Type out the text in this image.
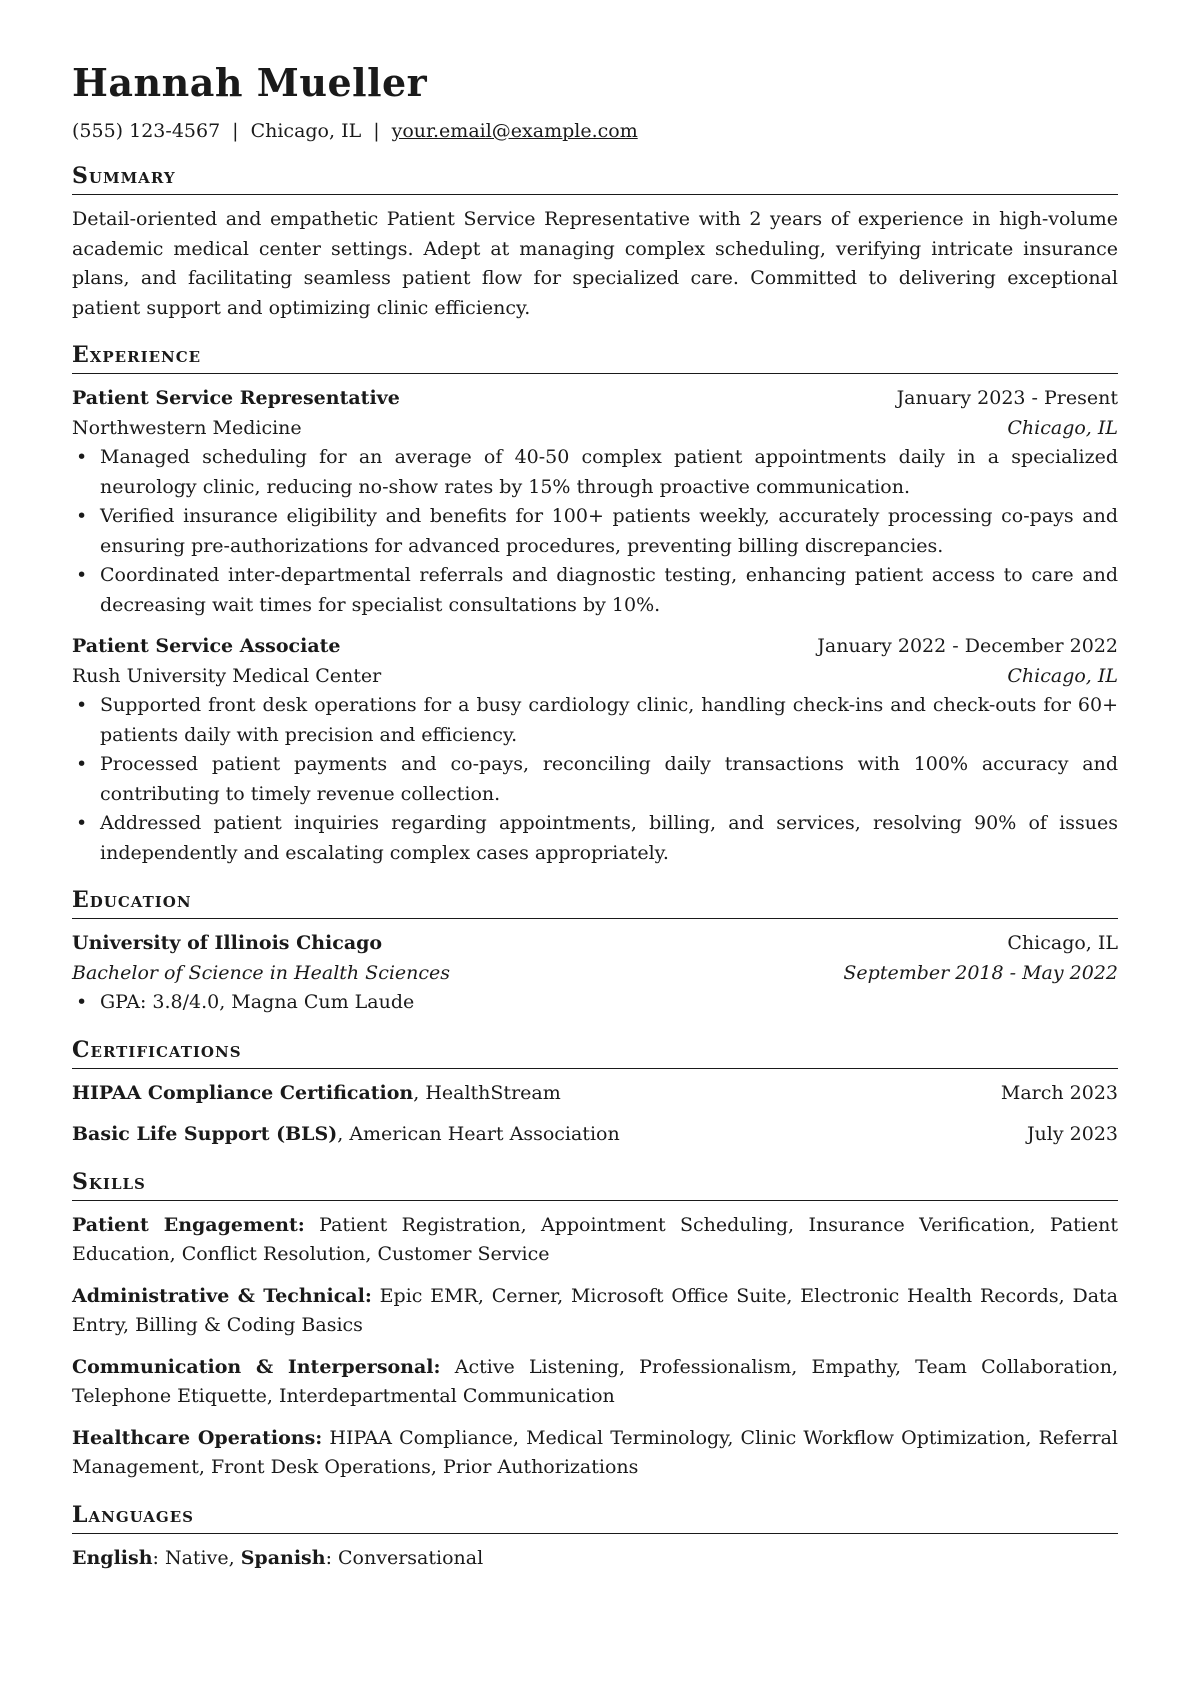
Hannah Mueller
(555) 123-4567 | Chicago, IL | your.email@example.com
Summary

Detail-oriented and empathetic Patient Service Representative with 2 years of experience in high-volume academic medical center settings. Adept at managing complex scheduling, verifying intricate insurance plans, and facilitating seamless patient flow for specialized care. Committed to delivering exceptional patient support and optimizing clinic efficiency.

Experience
Patient Service Representative	January 2023 - Present
Northwestern Medicine	Chicago, IL
• Managed scheduling for an average of 40-50 complex patient appointments daily in a specialized neurology clinic, reducing no-show rates by 15% through proactive communication.
• Verified insurance eligibility and benefits for 100+ patients weekly, accurately processing co-pays and ensuring pre-authorizations for advanced procedures, preventing billing discrepancies.
• Coordinated inter-departmental referrals and diagnostic testing, enhancing patient access to care and decreasing wait times for specialist consultations by 10%.
Patient Service Associate	January 2022 - December 2022
Rush University Medical Center	Chicago, IL
• Supported front desk operations for a busy cardiology clinic, handling check-ins and check-outs for 60+ patients daily with precision and efficiency.
• Processed patient payments and co-pays, reconciling daily transactions with 100% accuracy and contributing to timely revenue collection.
• Addressed patient inquiries regarding appointments, billing, and services, resolving 90% of issues independently and escalating complex cases appropriately.
Education
University of Illinois Chicago	Chicago, IL
Bachelor of Science in Health Sciences	September 2018 - May 2022
• GPA: 3.8/4.0, Magna Cum Laude
Certifications
HIPAA Compliance Certification, HealthStream	March 2023
Basic Life Support (BLS), American Heart Association	July 2023
Skills

Patient Engagement: Patient Registration, Appointment Scheduling, Insurance Verification, Patient Education, Conflict Resolution, Customer Service

Administrative & Technical: Epic EMR, Cerner, Microsoft Office Suite, Electronic Health Records, Data Entry, Billing & Coding Basics

Communication & Interpersonal: Active Listening, Professionalism, Empathy, Team Collaboration, Telephone Etiquette, Interdepartmental Communication

Healthcare Operations: HIPAA Compliance, Medical Terminology, Clinic Workflow Optimization, Referral Management, Front Desk Operations, Prior Authorizations

Languages
English: Native, Spanish: Conversational
